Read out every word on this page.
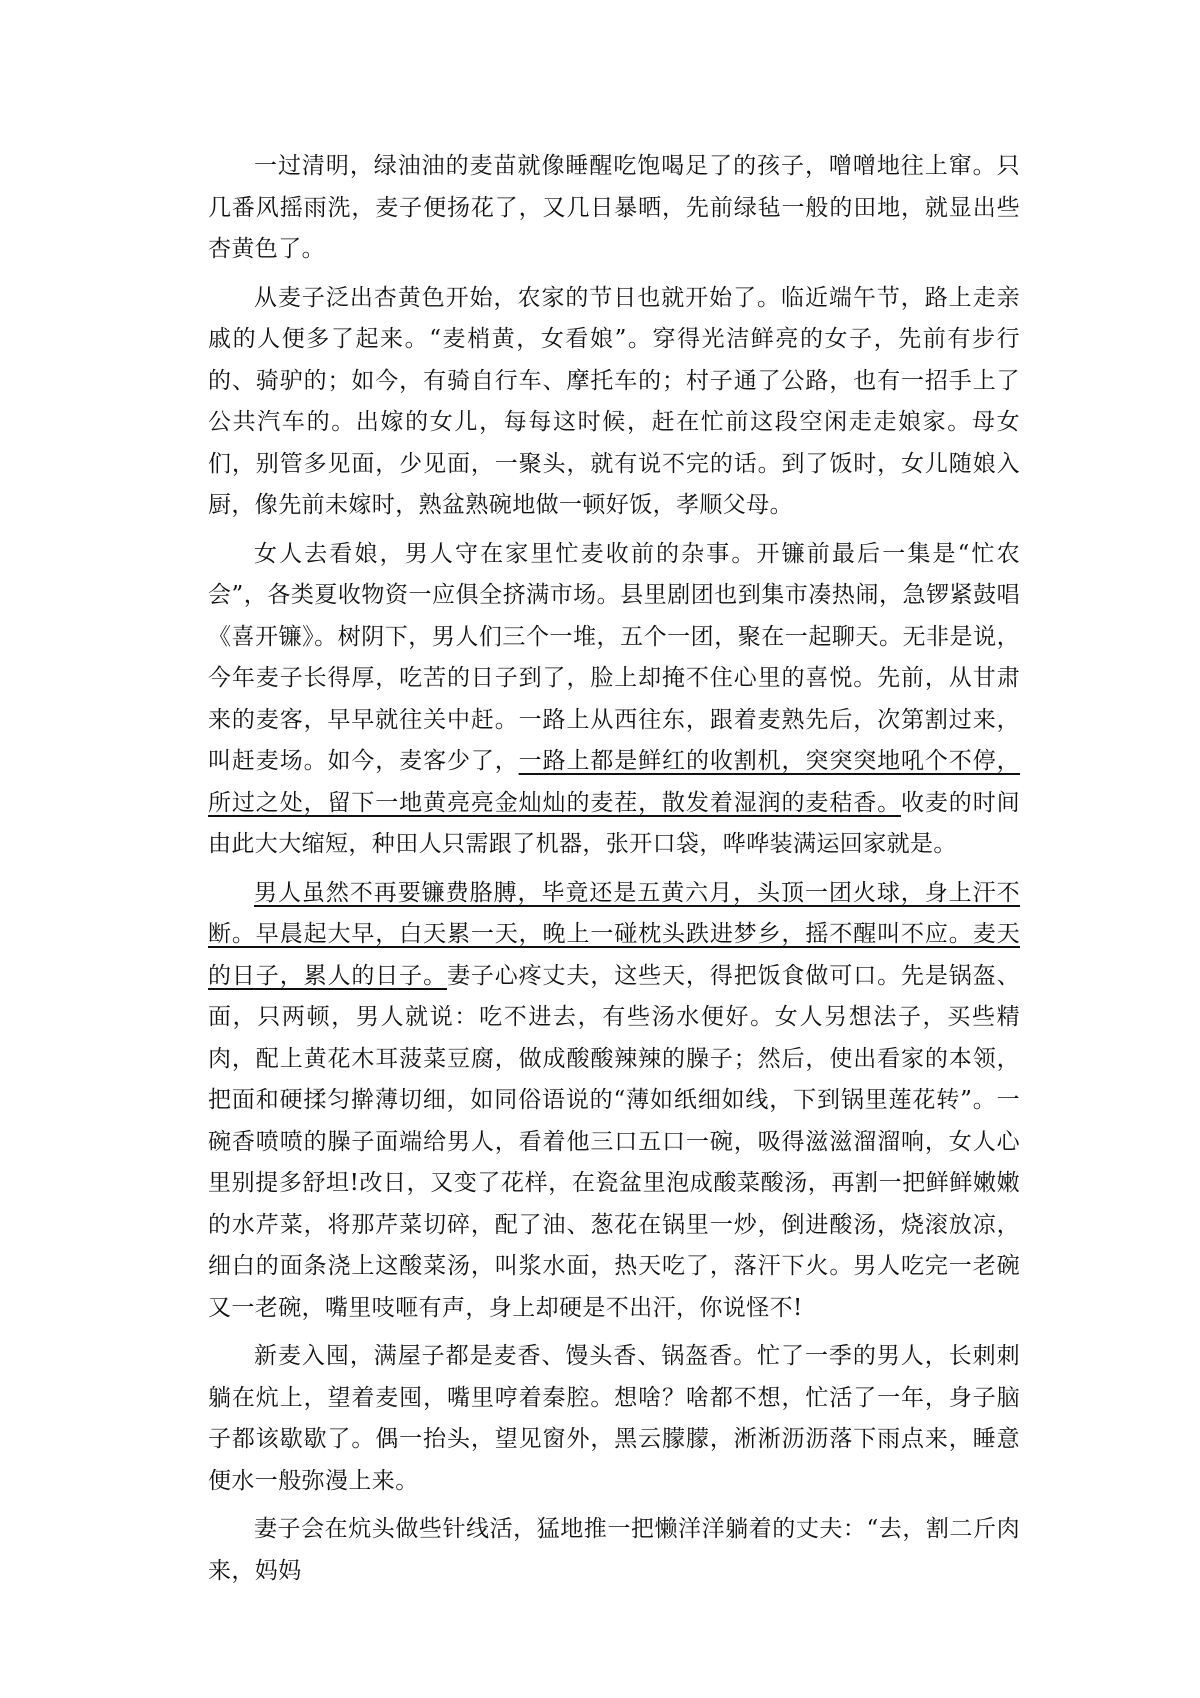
一过清明，绿油油的麦苗就像睡醒吃饱喝足了的孩子，噌噌地往上窜。只几番风摇雨洗，麦子便扬花了，又几日暴晒，先前绿毡一般的田地，就显出些杏黄色了。

从麦子泛出杏黄色开始，农家的节日也就开始了。临近端午节，路上走亲戚的人便多了起来。“麦梢黄，女看娘”。穿得光洁鲜亮的女子，先前有步行的、骑驴的；如今，有骑自行车、摩托车的；村子通了公路，也有一招手上了公共汽车的。出嫁的女儿，每每这时候，赶在忙前这段空闲走走娘家。母女们，别管多见面，少见面，一聚头，就有说不完的话。到了饭时，女儿随娘入厨，像先前未嫁时，熟盆熟碗地做一顿好饭，孝顺父母。

女人去看娘，男人守在家里忙麦收前的杂事。开镰前最后一集是“忙农会”，各类夏收物资一应俱全挤满市场。县里剧团也到集市凑热闹，急锣紧鼓唱《喜开镰》。树阴下，男人们三个一堆，五个一团，聚在一起聊天。无非是说，今年麦子长得厚，吃苦的日子到了，脸上却掩不住心里的喜悦。先前，从甘肃来的麦客，早早就往关中赶。一路上从西往东，跟着麦熟先后，次第割过来，叫赶麦场。如今，麦客少了，一路上都是鲜红的收割机，突突突地吼个不停，所过之处，留下一地黄亮亮金灿灿的麦茬，散发着湿润的麦秸香。收麦的时间由此大大缩短，种田人只需跟了机器，张开口袋，哗哗装满运回家就是。

男人虽然不再要镰费胳膊，毕竟还是五黄六月，头顶一团火球，身上汗不断。早晨起大早，白天累一天，晚上一碰枕头跌进梦乡，摇不醒叫不应。麦天的日子，累人的日子。妻子心疼丈夫，这些天，得把饭食做可口。先是锅盔、面，只两顿，男人就说：吃不进去，有些汤水便好。女人另想法子，买些精肉，配上黄花木耳菠菜豆腐，做成酸酸辣辣的臊子；然后，使出看家的本领，把面和硬揉匀擀薄切细，如同俗语说的“薄如纸细如线，下到锅里莲花转”。一碗香喷喷的臊子面端给男人，看着他三口五口一碗，吸得滋滋溜溜响，女人心里别提多舒坦!改日，又变了花样，在瓷盆里泡成酸菜酸汤，再割一把鲜鲜嫩嫩的水芹菜，将那芹菜切碎，配了油、葱花在锅里一炒，倒进酸汤，烧滚放凉，细白的面条浇上这酸菜汤，叫浆水面，热天吃了，落汗下火。男人吃完一老碗又一老碗，嘴里吱咂有声，身上却硬是不出汗，你说怪不!

新麦入囤，满屋子都是麦香、馒头香、锅盔香。忙了一季的男人，长刺刺躺在炕上，望着麦囤，嘴里哼着秦腔。想啥？啥都不想，忙活了一年，身子脑子都该歇歇了。偶一抬头，望见窗外，黑云朦朦，淅淅沥沥落下雨点来，睡意便水一般弥漫上来。

妻子会在炕头做些针线活，猛地推一把懒洋洋躺着的丈夫：“去，割二斤肉来，妈妈
